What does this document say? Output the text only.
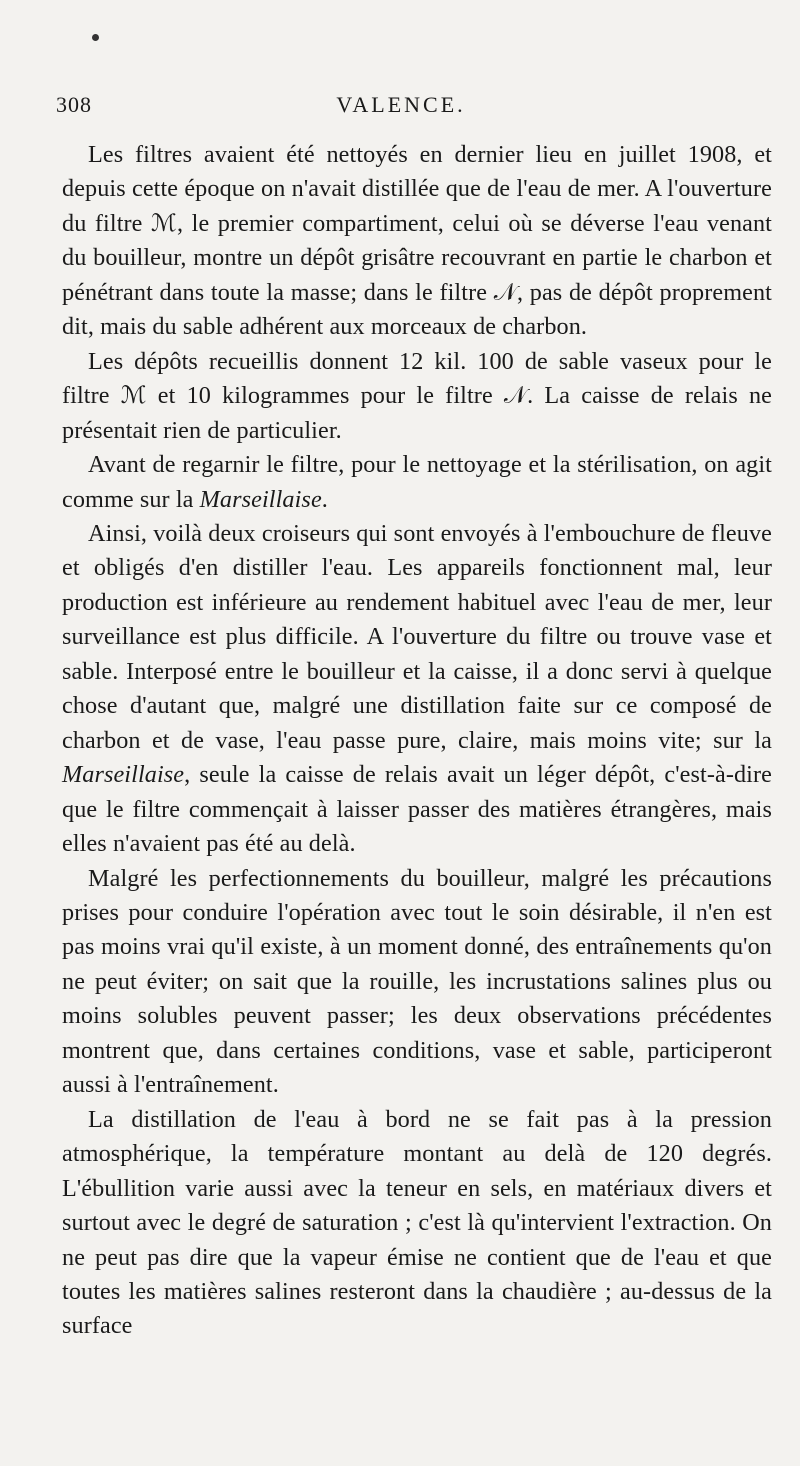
308	VALENCE.

Les filtres avaient été nettoyés en dernier lieu en juillet 1908, et depuis cette époque on n'avait distillée que de l'eau de mer. A l'ouverture du filtre ℳ, le premier compartiment, celui où se déverse l'eau venant du bouilleur, montre un dépôt grisâtre recouvrant en partie le charbon et pénétrant dans toute la masse; dans le filtre 𝒩, pas de dépôt proprement dit, mais du sable adhérent aux morceaux de charbon.

Les dépôts recueillis donnent 12 kil. 100 de sable vaseux pour le filtre ℳ et 10 kilogrammes pour le filtre 𝒩. La caisse de relais ne présentait rien de particulier.

Avant de regarnir le filtre, pour le nettoyage et la stérilisation, on agit comme sur la Marseillaise.

Ainsi, voilà deux croiseurs qui sont envoyés à l'embouchure de fleuve et obligés d'en distiller l'eau. Les appareils fonctionnent mal, leur production est inférieure au rendement habituel avec l'eau de mer, leur surveillance est plus difficile. A l'ouverture du filtre ou trouve vase et sable. Interposé entre le bouilleur et la caisse, il a donc servi à quelque chose d'autant que, malgré une distillation faite sur ce composé de charbon et de vase, l'eau passe pure, claire, mais moins vite; sur la Marseillaise, seule la caisse de relais avait un léger dépôt, c'est-à-dire que le filtre commençait à laisser passer des matières étrangères, mais elles n'avaient pas été au delà.

Malgré les perfectionnements du bouilleur, malgré les précautions prises pour conduire l'opération avec tout le soin désirable, il n'en est pas moins vrai qu'il existe, à un moment donné, des entraînements qu'on ne peut éviter; on sait que la rouille, les incrustations salines plus ou moins solubles peuvent passer; les deux observations précédentes montrent que, dans certaines conditions, vase et sable, participeront aussi à l'entraînement.

La distillation de l'eau à bord ne se fait pas à la pression atmosphérique, la température montant au delà de 120 degrés. L'ébullition varie aussi avec la teneur en sels, en matériaux divers et surtout avec le degré de saturation ; c'est là qu'intervient l'extraction. On ne peut pas dire que la vapeur émise ne contient que de l'eau et que toutes les matières salines resteront dans la chaudière ; au-dessus de la surface
